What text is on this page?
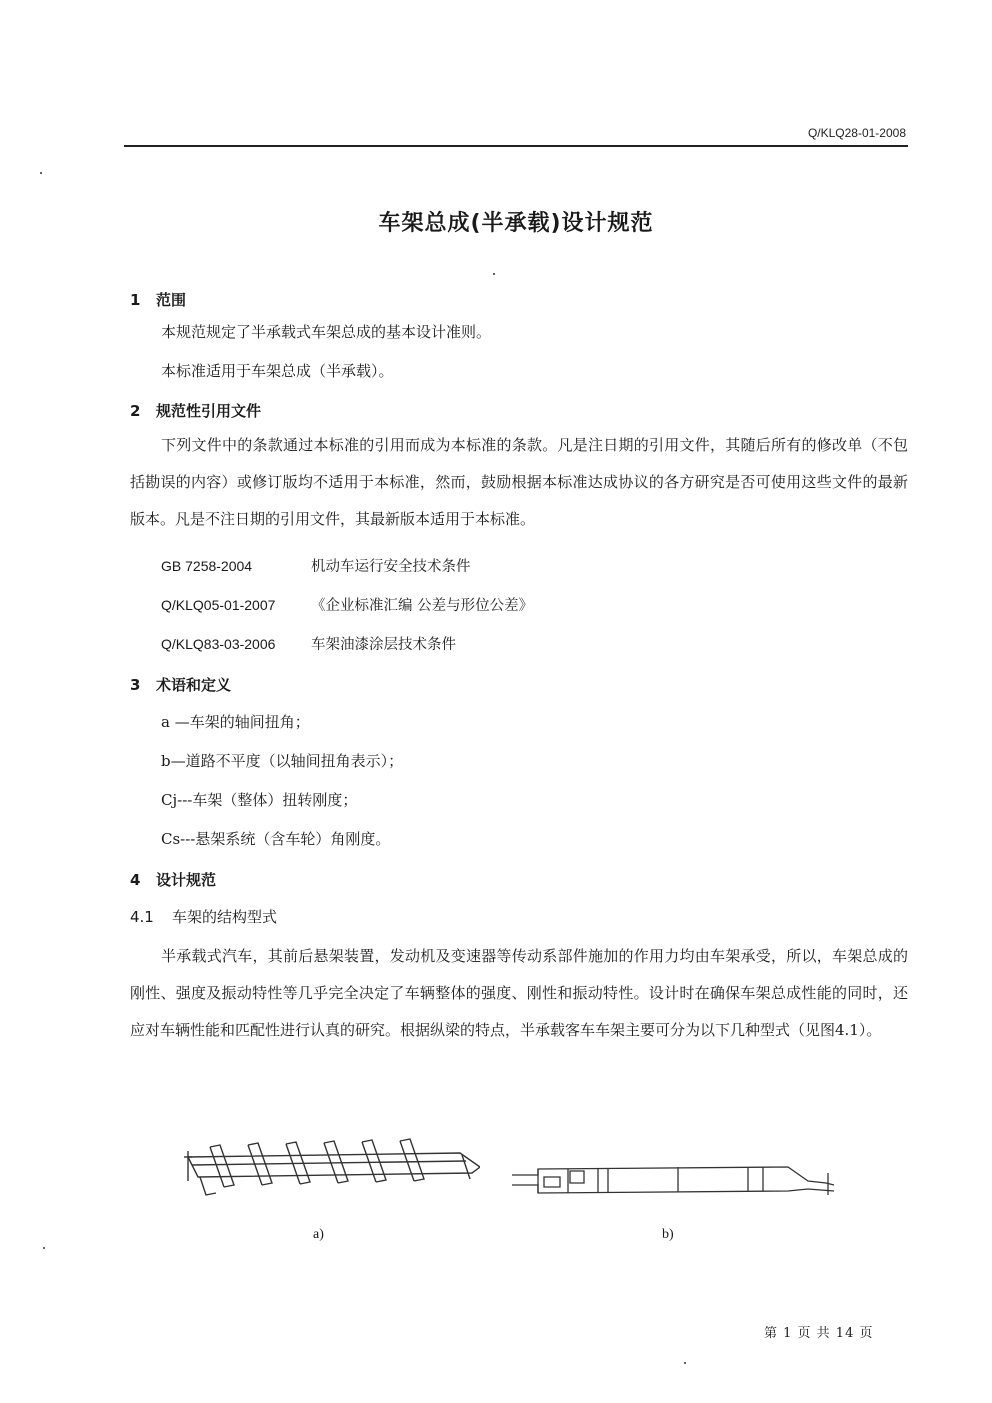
Q/KLQ28-01-2008
车架总成(半承载)设计规范
1 范围
本规范规定了半承载式车架总成的基本设计准则。
本标准适用于车架总成（半承载）。
2 规范性引用文件
下列文件中的条款通过本标准的引用而成为本标准的条款。凡是注日期的引用文件，其随后所有的修改单（不包括勘误的内容）或修订版均不适用于本标准，然而，鼓励根据本标准达成协议的各方研究是否可使用这些文件的最新版本。凡是不注日期的引用文件，其最新版本适用于本标准。
GB 7258-2004	机动车运行安全技术条件
Q/KLQ05-01-2007 《企业标准汇编 公差与形位公差》
Q/KLQ83-03-2006 车架油漆涂层技术条件
3 术语和定义
a —车架的轴间扭角；
b—道路不平度（以轴间扭角表示）；
Cj---车架（整体）扭转刚度；
Cs---悬架系统（含车轮）角刚度。
4 设计规范
4.1 车架的结构型式
半承载式汽车，其前后悬架装置，发动机及变速器等传动系部件施加的作用力均由车架承受，所以，车架总成的刚性、强度及振动特性等几乎完全决定了车辆整体的强度、刚性和振动特性。设计时在确保车架总成性能的同时，还应对车辆性能和匹配性进行认真的研究。根据纵梁的特点，半承载客车车架主要可分为以下几种型式（见图4.1）。
a)	b)
第 1 页 共 14 页
